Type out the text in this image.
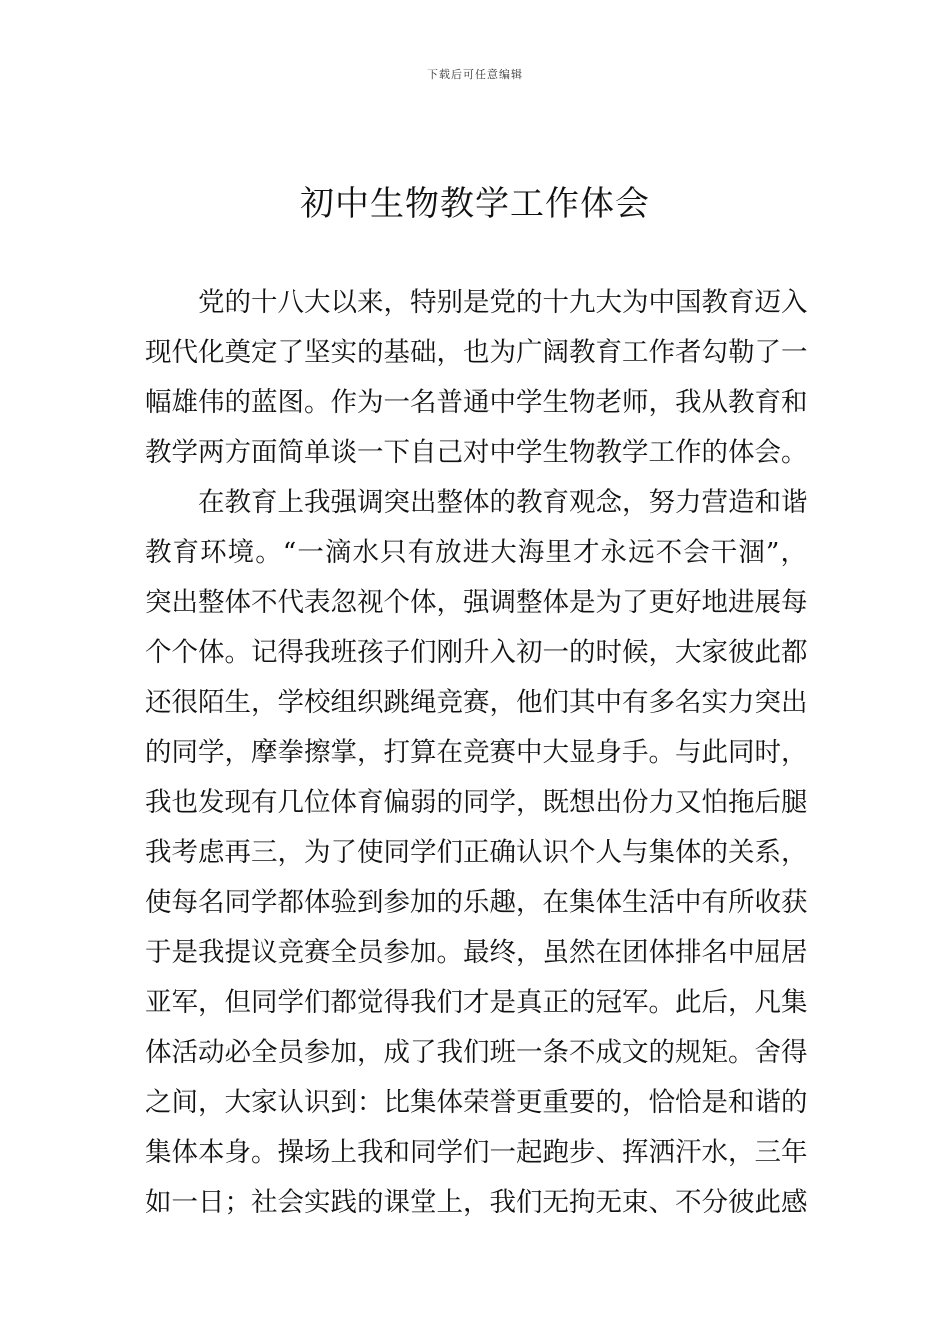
下载后可任意编辑
初中生物教学工作体会
党的十八大以来，特别是党的十九大为中国教育迈入
现代化奠定了坚实的基础，也为广阔教育工作者勾勒了一
幅雄伟的蓝图。作为一名普通中学生物老师，我从教育和
教学两方面简单谈一下自己对中学生物教学工作的体会。
在教育上我强调突出整体的教育观念，努力营造和谐
教育环境。“一滴水只有放进大海里才永远不会干涸”，
突出整体不代表忽视个体，强调整体是为了更好地进展每
个个体。记得我班孩子们刚升入初一的时候，大家彼此都
还很陌生，学校组织跳绳竞赛，他们其中有多名实力突出
的同学，摩拳擦掌，打算在竞赛中大显身手。与此同时，
我也发现有几位体育偏弱的同学，既想出份力又怕拖后腿
我考虑再三，为了使同学们正确认识个人与集体的关系，
使每名同学都体验到参加的乐趣，在集体生活中有所收获
于是我提议竞赛全员参加。最终，虽然在团体排名中屈居
亚军，但同学们都觉得我们才是真正的冠军。此后，凡集
体活动必全员参加，成了我们班一条不成文的规矩。舍得
之间，大家认识到：比集体荣誉更重要的，恰恰是和谐的
集体本身。操场上我和同学们一起跑步、挥洒汗水，三年
如一日；社会实践的课堂上，我们无拘无束、不分彼此感
